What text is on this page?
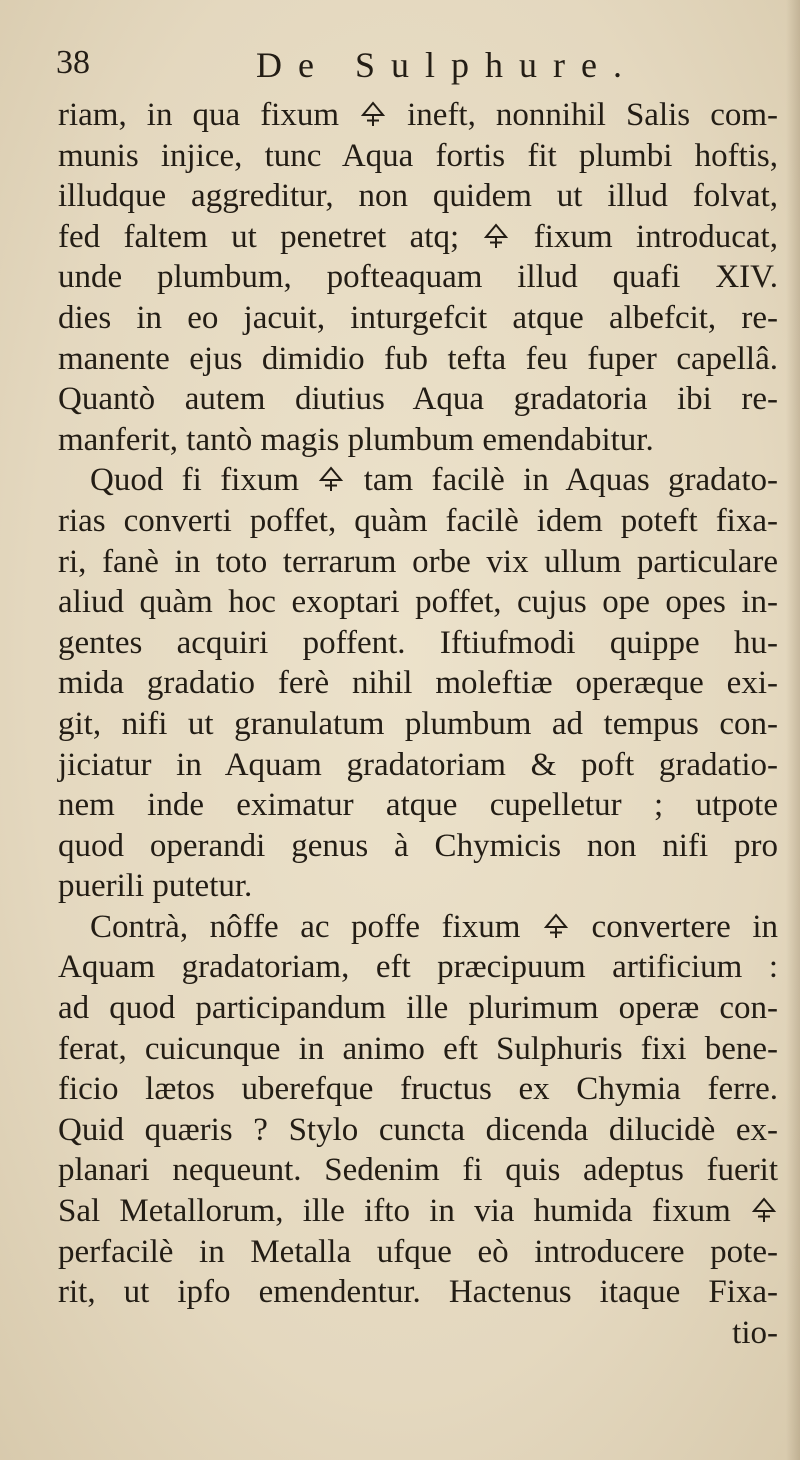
38	De Sulphure.
riam, in qua fixum  ineft, nonnihil Salis com-
munis injice, tunc Aqua fortis fit plumbi hoftis,
illudque aggreditur, non quidem ut illud folvat,
fed faltem ut penetret atq;  fixum introducat,
unde plumbum, pofteaquam illud quafi XIV.
dies in eo jacuit, inturgefcit atque albefcit, re-
manente ejus dimidio fub tefta feu fuper capellâ.
Quantò autem diutius Aqua gradatoria ibi re-
manferit, tantò magis plumbum emendabitur.
Quod fi fixum  tam facilè in Aquas gradato-
rias converti poffet, quàm facilè idem poteft fixa-
ri, fanè in toto terrarum orbe vix ullum particulare
aliud quàm hoc exoptari poffet, cujus ope opes in-
gentes acquiri poffent. Iftiufmodi quippe hu-
mida gradatio ferè nihil moleftiæ operæque exi-
git, nifi ut granulatum plumbum ad tempus con-
jiciatur in Aquam gradatoriam & poft gradatio-
nem inde eximatur atque cupelletur ; utpote
quod operandi genus à Chymicis non nifi pro
puerili putetur.
Contrà, nôffe ac poffe fixum  convertere in
Aquam gradatoriam, eft præcipuum artificium :
ad quod participandum ille plurimum operæ con-
ferat, cuicunque in animo eft Sulphuris fixi bene-
ficio lætos uberefque fructus ex Chymia ferre.
Quid quæris ? Stylo cuncta dicenda dilucidè ex-
planari nequeunt. Sedenim fi quis adeptus fuerit
Sal Metallorum, ille ifto in via humida fixum
perfacilè in Metalla ufque eò introducere pote-
rit, ut ipfo emendentur. Hactenus itaque Fixa-
tio-
